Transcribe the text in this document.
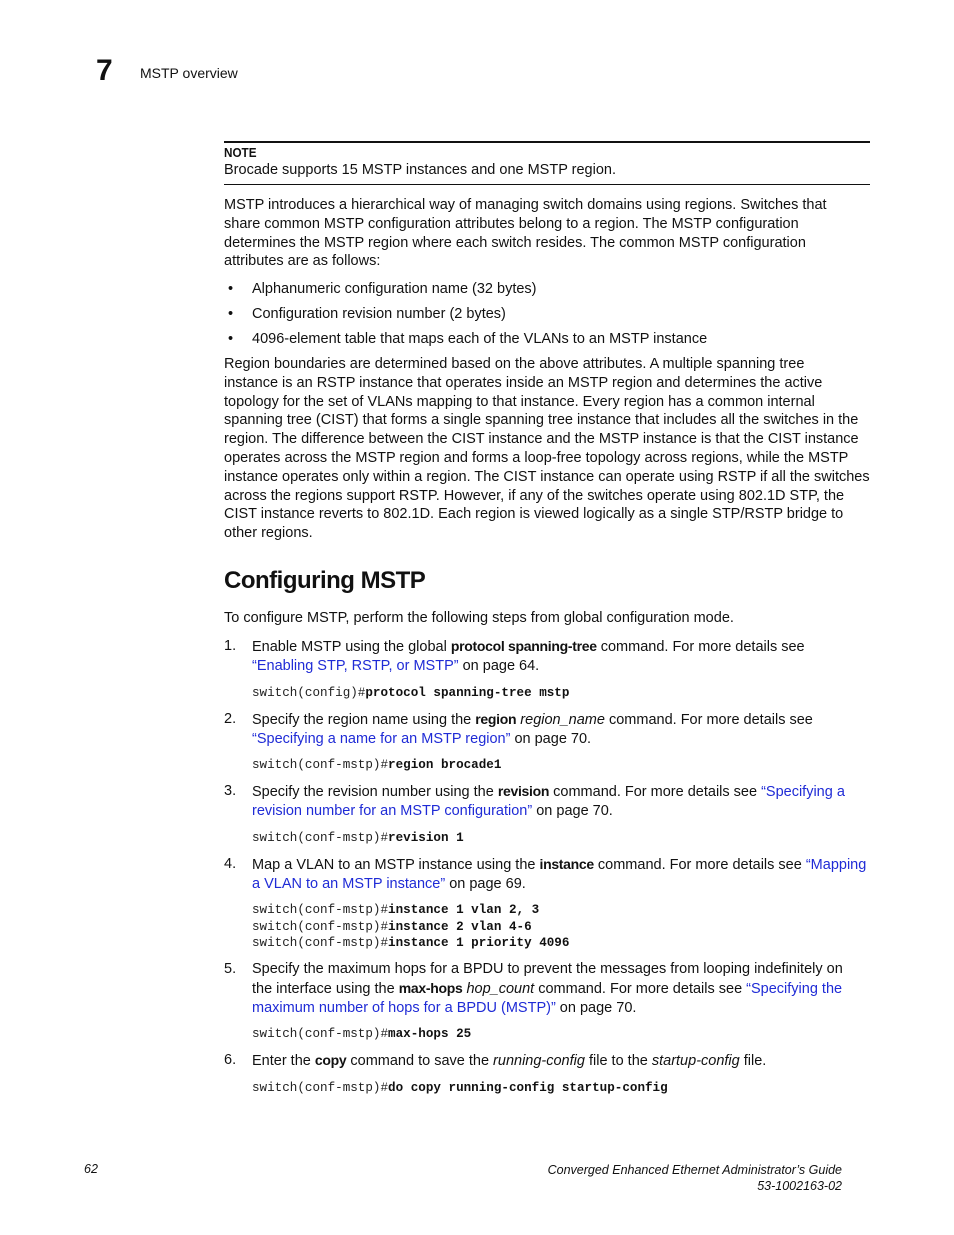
7 MSTP overview
NOTE
Brocade supports 15 MSTP instances and one MSTP region.

MSTP introduces a hierarchical way of managing switch domains using regions. Switches that

share common MSTP configuration attributes belong to a region. The MSTP configuration

determines the MSTP region where each switch resides. The common MSTP configuration

attributes are as follows:

• Alphanumeric configuration name (32 bytes)
• Configuration revision number (2 bytes)
• 4096-element table that maps each of the VLANs to an MSTP instance

Region boundaries are determined based on the above attributes. A multiple spanning tree

instance is an RSTP instance that operates inside an MSTP region and determines the active

topology for the set of VLANs mapping to that instance. Every region has a common internal

spanning tree (CIST) that forms a single spanning tree instance that includes all the switches in the

region. The difference between the CIST instance and the MSTP instance is that the CIST instance

operates across the MSTP region and forms a loop-free topology across regions, while the MSTP

instance operates only within a region. The CIST instance can operate using RSTP if all the switches

across the regions support RSTP. However, if any of the switches operate using 802.1D STP, the

CIST instance reverts to 802.1D. Each region is viewed logically as a single STP/RSTP bridge to

other regions.

Configuring MSTP

To configure MSTP, perform the following steps from global configuration mode.

1. Enable MSTP using the global protocol spanning-tree command. For more details see
“Enabling STP, RSTP, or MSTP” on page 64.
switch(config)#protocol spanning-tree mstp
2. Specify the region name using the region region_name command. For more details see
“Specifying a name for an MSTP region” on page 70.
switch(conf-mstp)#region brocade1
3. Specify the revision number using the revision command. For more details see “Specifying a
revision number for an MSTP configuration” on page 70.
switch(conf-mstp)#revision 1
4. Map a VLAN to an MSTP instance using the instance command. For more details see “Mapping
a VLAN to an MSTP instance” on page 69.
switch(conf-mstp)#instance 1 vlan 2, 3
switch(conf-mstp)#instance 2 vlan 4-6
switch(conf-mstp)#instance 1 priority 4096
5. Specify the maximum hops for a BPDU to prevent the messages from looping indefinitely on
the interface using the max-hops hop_count command. For more details see “Specifying the
maximum number of hops for a BPDU (MSTP)” on page 70.
switch(conf-mstp)#max-hops 25
6. Enter the copy command to save the running-config file to the startup-config file.
switch(conf-mstp)#do copy running-config startup-config
62	Converged Enhanced Ethernet Administrator’s Guide
53-1002163-02
